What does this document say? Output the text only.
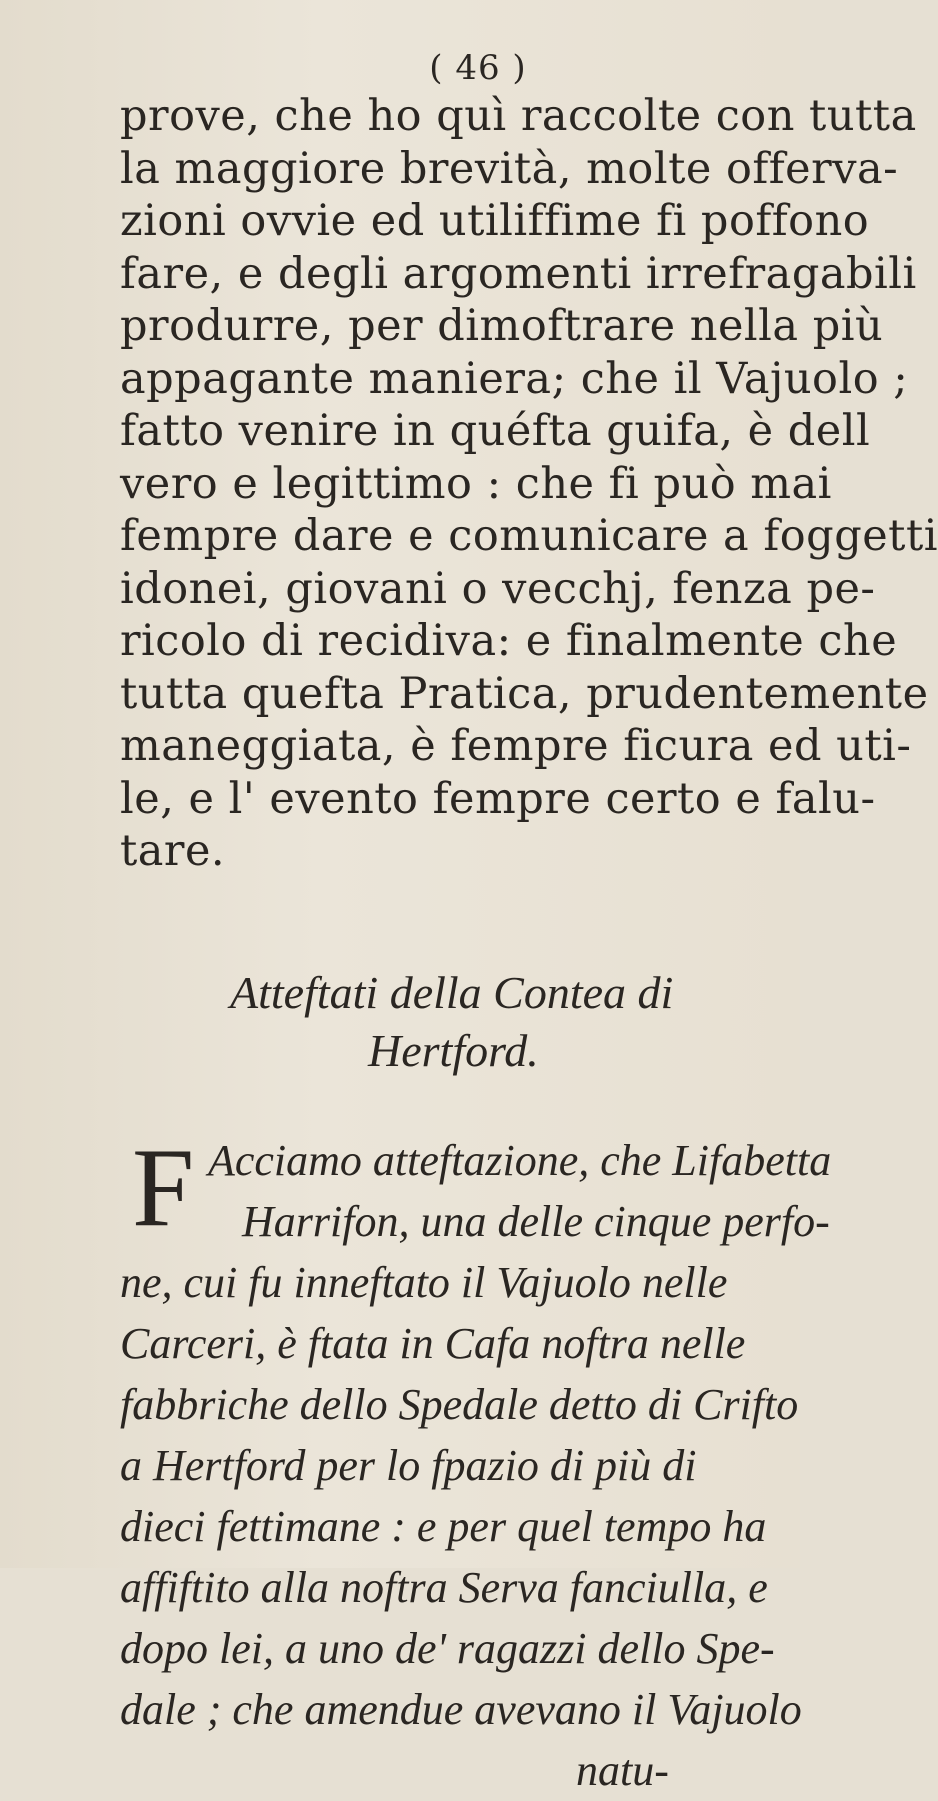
( 46 )
prove, che ho quì raccolte con tutta
la maggiore brevità, molte offerva-
zioni ovvie ed utiliffime fi poffono
fare, e degli argomenti irrefragabili
produrre, per dimoftrare nella più
appagante maniera; che il Vajuolo ;
fatto venire in quéfta guifa, è dell
vero e legittimo : che fi può mai
fempre dare e comunicare a foggetti
idonei, giovani o vecchj, fenza pe-
ricolo di recidiva: e finalmente che
tutta quefta Pratica, prudentemente
maneggiata, è fempre ficura ed uti-
le, e l' evento fempre certo e falu-
tare.
Atteftati della Contea di
Hertford.
F Acciamo atteftazione, che Lifabetta
Harrifon, una delle cinque perfo-
ne, cui fu inneftato il Vajuolo nelle
Carceri, è ftata in Cafa noftra nelle
fabbriche dello Spedale detto di Crifto
a Hertford per lo fpazio di più di
dieci fettimane : e per quel tempo ha
affiftito alla noftra Serva fanciulla, e
dopo lei, a uno de' ragazzi dello Spe-
dale ; che amendue avevano il Vajuolo
natu-
